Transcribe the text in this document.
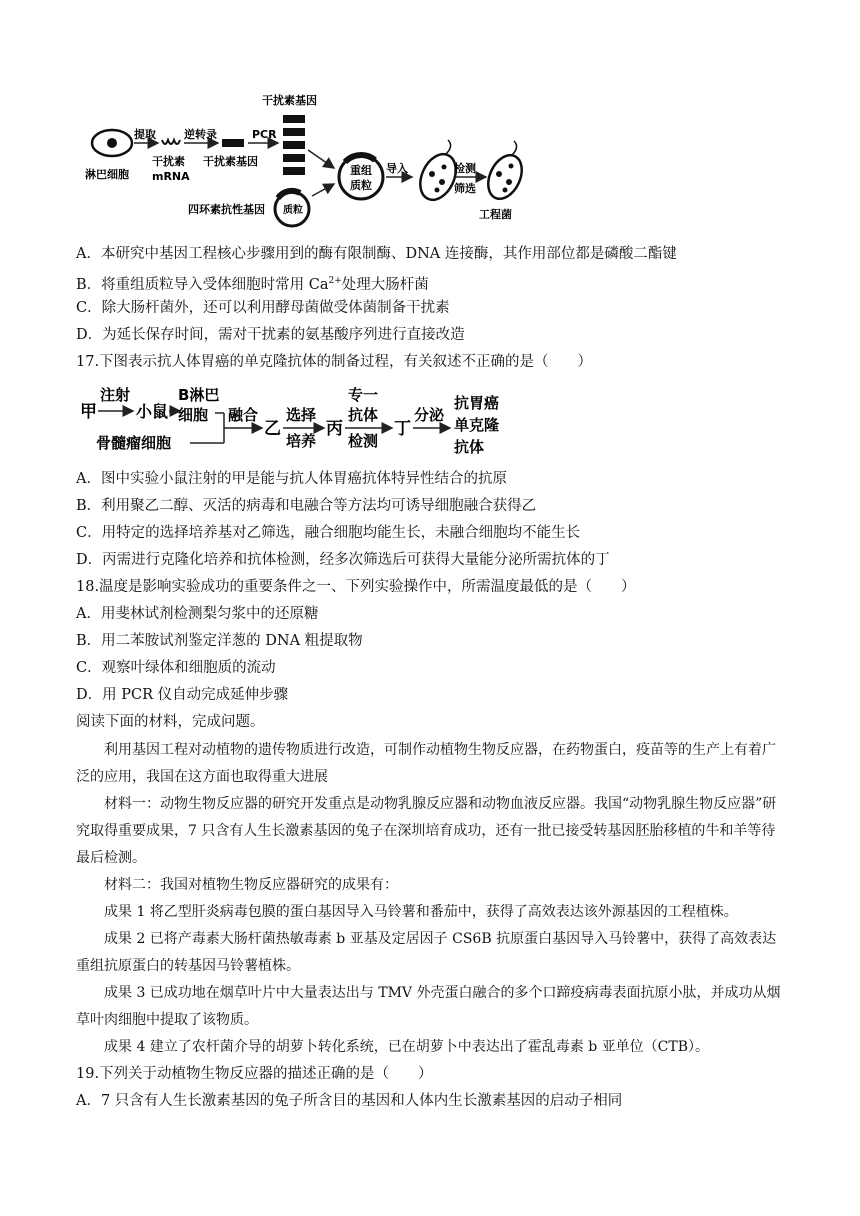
淋巴细胞
提取
干扰素
mRNA
逆转录
干扰素基因
PCR
干扰素基因
质粒
四环素抗性基因
重组
质粒
导入	检测
筛选
工程菌
A．本研究中基因工程核心步骤用到的酶有限制酶、DNA 连接酶，其作用部位都是磷酸二酯键
B．将重组质粒导入受体细胞时常用 $Ca^{2+}$处理大肠杆菌
C．除大肠杆菌外，还可以利用酵母菌做受体菌制备干扰素
D．为延长保存时间，需对干扰素的氨基酸序列进行直接改造
17.下图表示抗人体胃癌的单克隆抗体的制备过程，有关叙述不正确的是（　　）
甲
注射
小鼠
B淋巴
细胞
骨髓瘤细胞
融合
乙
选择
培养
丙
专一
抗体
检测
丁
分泌
抗胃癌
单克隆
抗体
A．图中实验小鼠注射的甲是能与抗人体胃癌抗体特异性结合的抗原
B．利用聚乙二醇、灭活的病毒和电融合等方法均可诱导细胞融合获得乙
C．用特定的选择培养基对乙筛选，融合细胞均能生长，未融合细胞均不能生长
D．丙需进行克隆化培养和抗体检测，经多次筛选后可获得大量能分泌所需抗体的丁
18.温度是影响实验成功的重要条件之一、下列实验操作中，所需温度最低的是（　　）
A．用斐林试剂检测梨匀浆中的还原糖
B．用二苯胺试剂鉴定洋葱的 DNA 粗提取物
C．观察叶绿体和细胞质的流动
D．用 PCR 仪自动完成延伸步骤
阅读下面的材料，完成问题。
利用基因工程对动植物的遗传物质进行改造，可制作动植物生物反应器，在药物蛋白，疫苗等的生产上有着广泛的应用，我国在这方面也取得重大进展
材料一：动物生物反应器的研究开发重点是动物乳腺反应器和动物血液反应器。我国“动物乳腺生物反应器”研究取得重要成果，7 只含有人生长激素基因的兔子在深圳培育成功，还有一批已接受转基因胚胎移植的牛和羊等待最后检测。
材料二：我国对植物生物反应器研究的成果有：
成果 1 将乙型肝炎病毒包膜的蛋白基因导入马铃薯和番茄中，获得了高效表达该外源基因的工程植株。
成果 2 已将产毒素大肠杆菌热敏毒素 b 亚基及定居因子 CS6B 抗原蛋白基因导入马铃薯中，获得了高效表达重组抗原蛋白的转基因马铃薯植株。
成果 3 已成功地在烟草叶片中大量表达出与 TMV 外壳蛋白融合的多个口蹄疫病毒表面抗原小肽，并成功从烟草叶肉细胞中提取了该物质。
成果 4 建立了农杆菌介导的胡萝卜转化系统，已在胡萝卜中表达出了霍乱毒素 b 亚单位（CTB）。
19.下列关于动植物生物反应器的描述正确的是（　　）
A．7 只含有人生长激素基因的兔子所含目的基因和人体内生长激素基因的启动子相同
